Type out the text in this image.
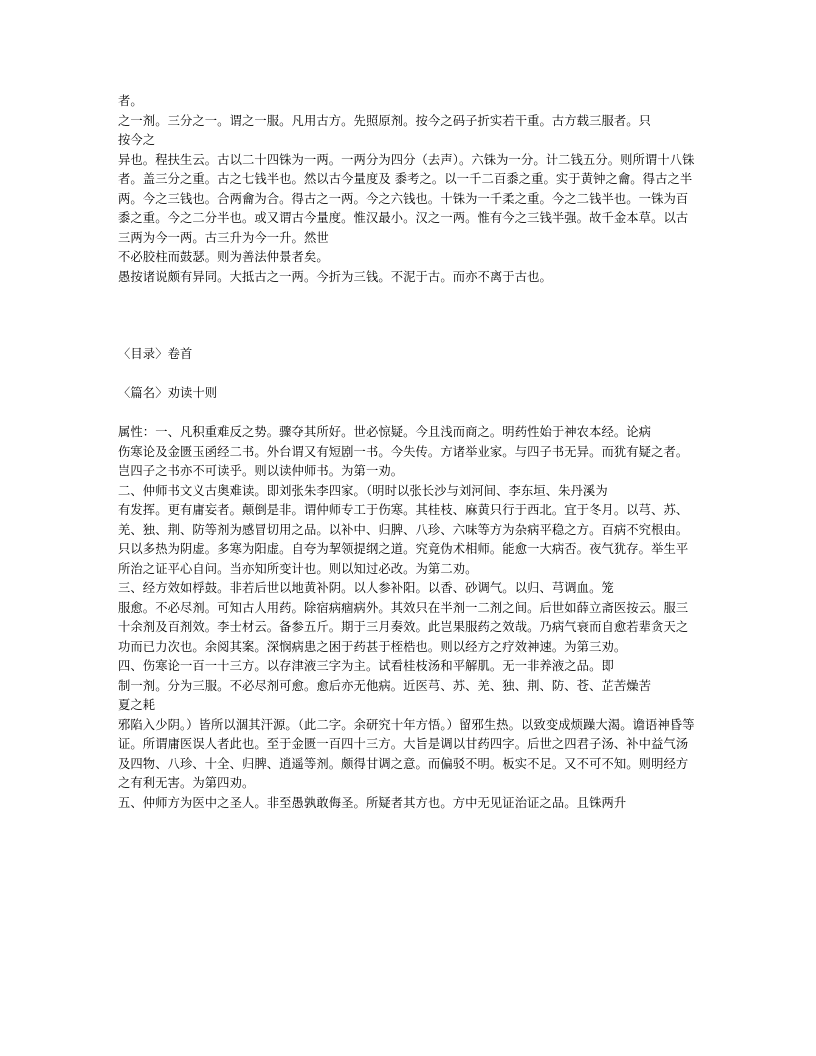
者。

之一剂。三分之一。谓之一服。凡用古方。先照原剂。按今之码子折实若干重。古方载三服者。只

按今之

异也。程扶生云。古以二十四铢为一两。一两分为四分（去声）。六铢为一分。计二钱五分。则所谓十八铢者。盖三分之重。古之七钱半也。然以古今量度及 黍考之。以一千二百黍之重。实于黄钟之龠。得古之半两。今之三钱也。合两龠为合。得古之一两。今之六钱也。十铢为一千柔之重。今之二钱半也。一铢为百黍之重。今之二分半也。或又谓古今量度。惟汉最小。汉之一两。惟有今之三钱半强。故千金本草。以古三两为今一两。古三升为今一升。然世

不必胶柱而鼓瑟。则为善法仲景者矣。

愚按诸说颇有异同。大抵古之一两。今折为三钱。不泥于古。而亦不离于古也。

〈目录〉卷首

〈篇名〉劝读十则

属性：一、凡积重难反之势。骤夺其所好。世必惊疑。今且浅而商之。明药性始于神农本经。论病

伤寒论及金匮玉函经二书。外台谓又有短剧一书。今失传。方诸举业家。与四子书无异。而犹有疑之者。岂四子之书亦不可读乎。则以读仲师书。为第一劝。

二、仲师书文义古奥难读。即刘张朱李四家。（明时以张长沙与刘河间、李东垣、朱丹溪为

有发挥。更有庸妄者。颠倒是非。谓仲师专工于伤寒。其桂枝、麻黄只行于西北。宜于冬月。以芎、苏、羌、独、荆、防等剂为感冒切用之品。以补中、归脾、八珍、六味等方为杂病平稳之方。百病不究根由。只以多热为阴虚。多寒为阳虚。自夸为挈领提纲之道。究竟伪术相师。能愈一大病否。夜气犹存。举生平所治之证平心自问。当亦知所变计也。则以知过必改。为第二劝。

三、经方效如桴鼓。非若后世以地黄补阴。以人参补阳。以香、砂调气。以归、芎调血。笼

服愈。不必尽剂。可知古人用药。除宿病痼病外。其效只在半剂一二剂之间。后世如薛立斋医按云。服三十余剂及百剂效。李士材云。备参五斤。期于三月奏效。此岂果服药之效哉。乃病气衰而自愈若辈贪天之功而已力次也。余阅其案。深悯病患之困于药甚于桎梏也。则以经方之疗效神速。为第三劝。

四、伤寒论一百一十三方。以存津液三字为主。试看桂枝汤和平解肌。无一非养液之品。即

制一剂。分为三服。不必尽剂可愈。愈后亦无他病。近医芎、苏、羌、独、荆、防、苍、芷苦燥苦

夏之耗

邪陷入少阴。）皆所以涸其汗源。（此二字。余研究十年方悟。）留邪生热。以致变成烦躁大渴。谵语神昏等证。所谓庸医误人者此也。至于金匮一百四十三方。大旨是调以甘药四字。后世之四君子汤、补中益气汤及四物、八珍、十全、归脾、逍遥等剂。颇得甘调之意。而偏驳不明。板实不足。又不可不知。则明经方之有利无害。为第四劝。

五、仲师方为医中之圣人。非至愚孰敢侮圣。所疑者其方也。方中无见证治证之品。且铢两升
